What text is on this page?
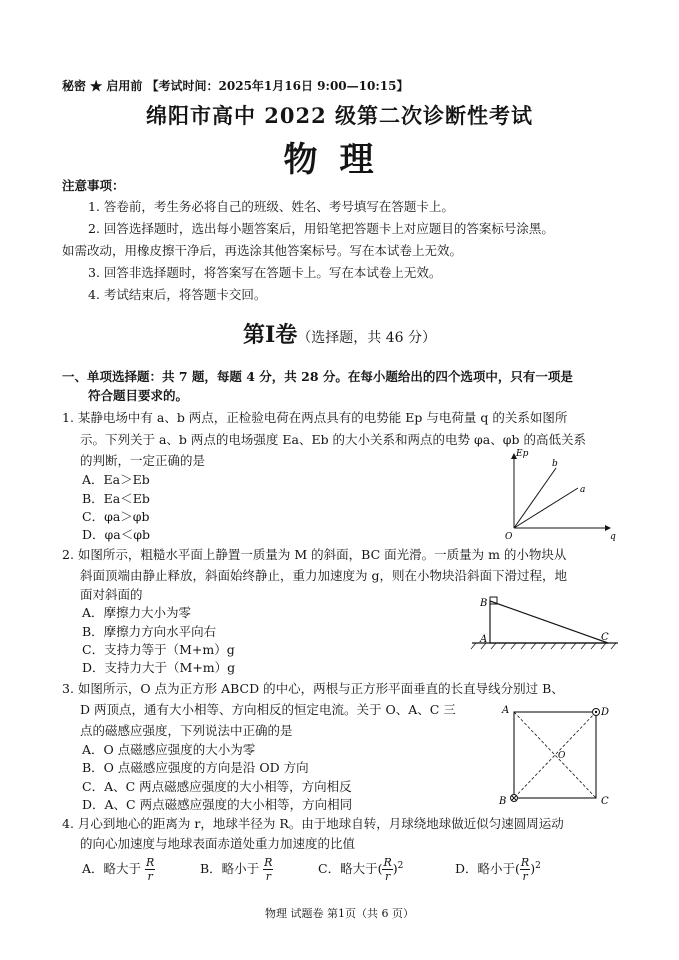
秘密 ★ 启用前 【考试时间：2025年1月16日 9:00—10:15】
绵阳市高中 2022 级第二次诊断性考试
物理
注意事项：
1. 答卷前，考生务必将自己的班级、姓名、考号填写在答题卡上。
2. 回答选择题时，选出每小题答案后，用铅笔把答题卡上对应题目的答案标号涂黑。
如需改动，用橡皮擦干净后，再选涂其他答案标号。写在本试卷上无效。
3. 回答非选择题时，将答案写在答题卡上。写在本试卷上无效。
4. 考试结束后，将答题卡交回。
第Ⅰ卷（选择题，共 46 分）
一、单项选择题：共 7 题，每题 4 分，共 28 分。在每小题给出的四个选项中，只有一项是
符合题目要求的。
1. 某静电场中有 a、b 两点，正检验电荷在两点具有的电势能 Ep 与电荷量 q 的关系如图所
示。下列关于 a、b 两点的电场强度 Ea、Eb 的大小关系和两点的电势 φa、φb 的高低关系
的判断，一定正确的是
A．Ea＞Eb
B．Ea＜Eb
C．φa＞φb
D．φa＜φb
Ep
q
O
b
a
2. 如图所示，粗糙水平面上静置一质量为 M 的斜面，BC 面光滑。一质量为 m 的小物块从
斜面顶端由静止释放，斜面始终静止，重力加速度为 g，则在小物块沿斜面下滑过程，地
面对斜面的
A．摩擦力大小为零
B．摩擦力方向水平向右
C．支持力等于（M+m）g
D．支持力大于（M+m）g
B
A	C
3. 如图所示，O 点为正方形 ABCD 的中心，两根与正方形平面垂直的长直导线分别过 B、
D 两顶点，通有大小相等、方向相反的恒定电流。关于 O、A、C 三
点的磁感应强度，下列说法中正确的是
A．O 点磁感应强度的大小为零
B．O 点磁感应强度的方向是沿 OD 方向
C．A、C 两点磁感应强度的大小相等，方向相反
D．A、C 两点磁感应强度的大小相等，方向相同
A	D
B	C
O
4. 月心到地心的距离为 r，地球半径为 R。由于地球自转，月球绕地球做近似匀速圆周运动
的向心加速度与地球表面赤道处重力加速度的比值
A．略大于 $\frac{R}{r}$	B．略小于 $\frac{R}{r}$	C．略大于( $\frac{R}{r} )^2$	D．略小于( $\frac{R}{r} )^2$
物理 试题卷 第1页（共 6 页）
